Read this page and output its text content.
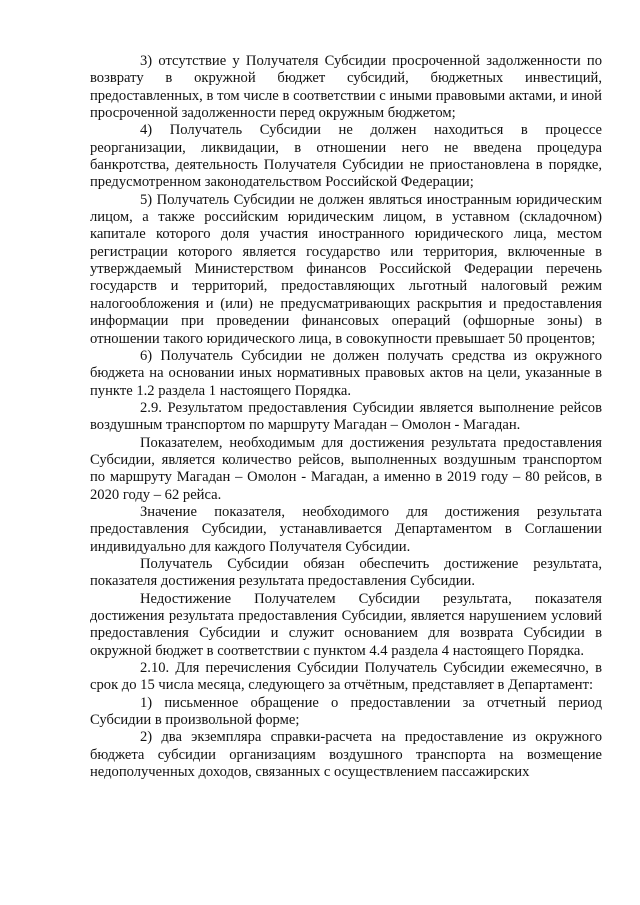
3) отсутствие у Получателя Субсидии просроченной задолженности по возврату в окружной бюджет субсидий, бюджетных инвестиций, предоставленных, в том числе в соответствии с иными правовыми актами, и иной просроченной задолженности перед окружным бюджетом;

4) Получатель Субсидии не должен находиться в процессе реорганизации, ликвидации, в отношении него не введена процедура банкротства, деятельность Получателя Субсидии не приостановлена в порядке, предусмотренном законодательством Российской Федерации;

5) Получатель Субсидии не должен являться иностранным юридическим лицом, а также российским юридическим лицом, в уставном (складочном) капитале которого доля участия иностранного юридического лица, местом регистрации которого является государство или территория, включенные в утверждаемый Министерством финансов Российской Федерации перечень государств и территорий, предоставляющих льготный налоговый режим налогообложения и (или) не предусматривающих раскрытия и предоставления информации при проведении финансовых операций (офшорные зоны) в отношении такого юридического лица, в совокупности превышает 50 процентов;

6) Получатель Субсидии не должен получать средства из окружного бюджета на основании иных нормативных правовых актов на цели, указанные в пункте 1.2 раздела 1 настоящего Порядка.

2.9. Результатом предоставления Субсидии является выполнение рейсов воздушным транспортом по маршруту Магадан – Омолон - Магадан.

Показателем, необходимым для достижения результата предоставления Субсидии, является количество рейсов, выполненных воздушным транспортом по маршруту Магадан – Омолон - Магадан, а именно в 2019 году – 80 рейсов, в 2020 году – 62 рейса.

Значение показателя, необходимого для достижения результата предоставления Субсидии, устанавливается Департаментом в Соглашении индивидуально для каждого Получателя Субсидии.

Получатель Субсидии обязан обеспечить достижение результата, показателя достижения результата предоставления Субсидии.

Недостижение Получателем Субсидии результата, показателя достижения результата предоставления Субсидии, является нарушением условий предоставления Субсидии и служит основанием для возврата Субсидии в окружной бюджет в соответствии с пунктом 4.4 раздела 4 настоящего Порядка.

2.10. Для перечисления Субсидии Получатель Субсидии ежемесячно, в срок до 15 числа месяца, следующего за отчётным, представляет в Департамент:

1) письменное обращение о предоставлении за отчетный период Субсидии в произвольной форме;

2) два экземпляра справки-расчета на предоставление из окружного бюджета субсидии организациям воздушного транспорта на возмещение недополученных доходов, связанных с осуществлением пассажирских
